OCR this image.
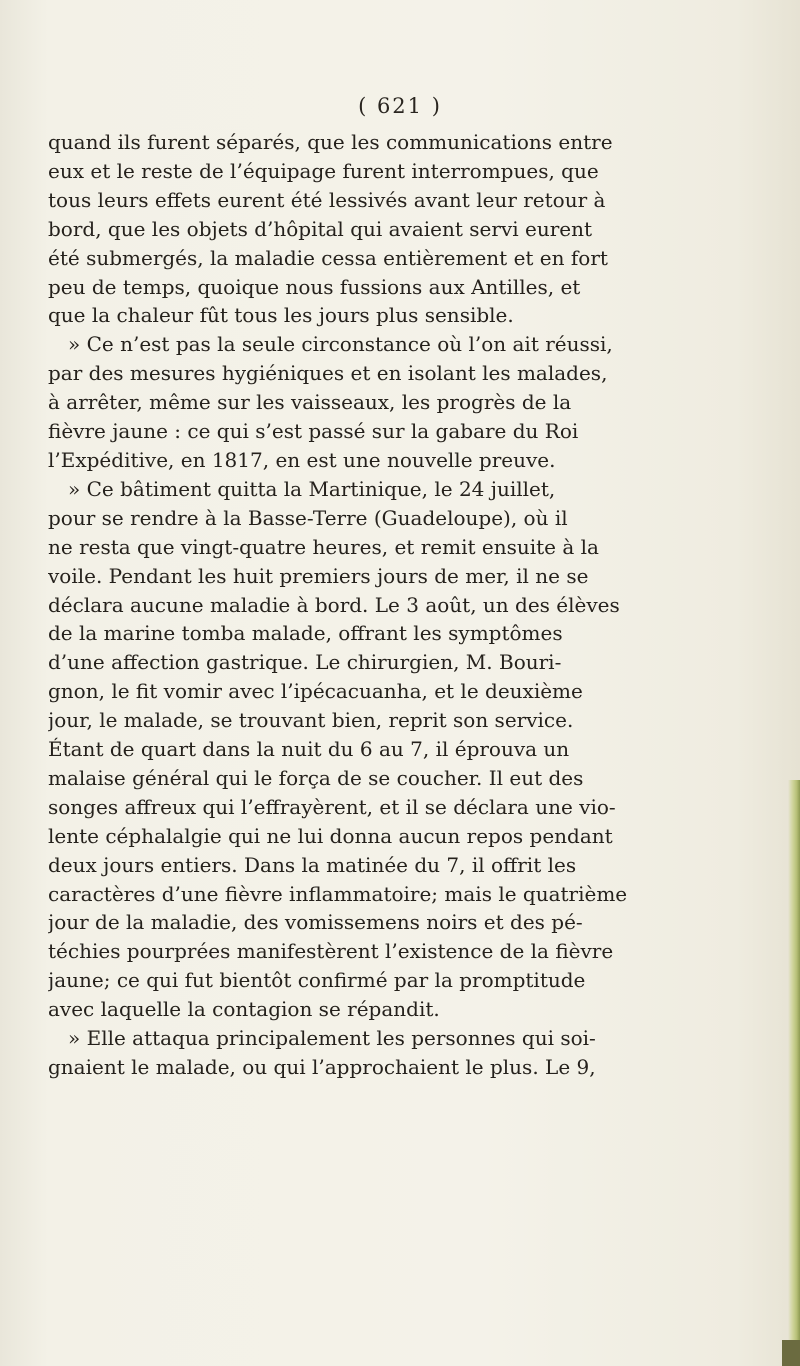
( 621 )
quand ils furent séparés, que les communications entre
eux et le reste de l’équipage furent interrompues, que
tous leurs effets eurent été lessivés avant leur retour à
bord, que les objets d’hôpital qui avaient servi eurent
été submergés, la maladie cessa entièrement et en fort
peu de temps, quoique nous fussions aux Antilles, et
que la chaleur fût tous les jours plus sensible.
» Ce n’est pas la seule circonstance où l’on ait réussi,
par des mesures hygiéniques et en isolant les malades,
à arrêter, même sur les vaisseaux, les progrès de la
fièvre jaune : ce qui s’est passé sur la gabare du Roi
l’Expéditive, en 1817, en est une nouvelle preuve.
» Ce bâtiment quitta la Martinique, le 24 juillet,
pour se rendre à la Basse-Terre (Guadeloupe), où il
ne resta que vingt-quatre heures, et remit ensuite à la
voile. Pendant les huit premiers jours de mer, il ne se
déclara aucune maladie à bord. Le 3 août, un des élèves
de la marine tomba malade, offrant les symptômes
d’une affection gastrique. Le chirurgien, M. Bouri-
gnon, le fit vomir avec l’ipécacuanha, et le deuxième
jour, le malade, se trouvant bien, reprit son service.
Étant de quart dans la nuit du 6 au 7, il éprouva un
malaise général qui le força de se coucher. Il eut des
songes affreux qui l’effrayèrent, et il se déclara une vio-
lente céphalalgie qui ne lui donna aucun repos pendant
deux jours entiers. Dans la matinée du 7, il offrit les
caractères d’une fièvre inflammatoire; mais le quatrième
jour de la maladie, des vomissemens noirs et des pé-
téchies pourprées manifestèrent l’existence de la fièvre
jaune; ce qui fut bientôt confirmé par la promptitude
avec laquelle la contagion se répandit.
» Elle attaqua principalement les personnes qui soi-
gnaient le malade, ou qui l’approchaient le plus. Le 9,
